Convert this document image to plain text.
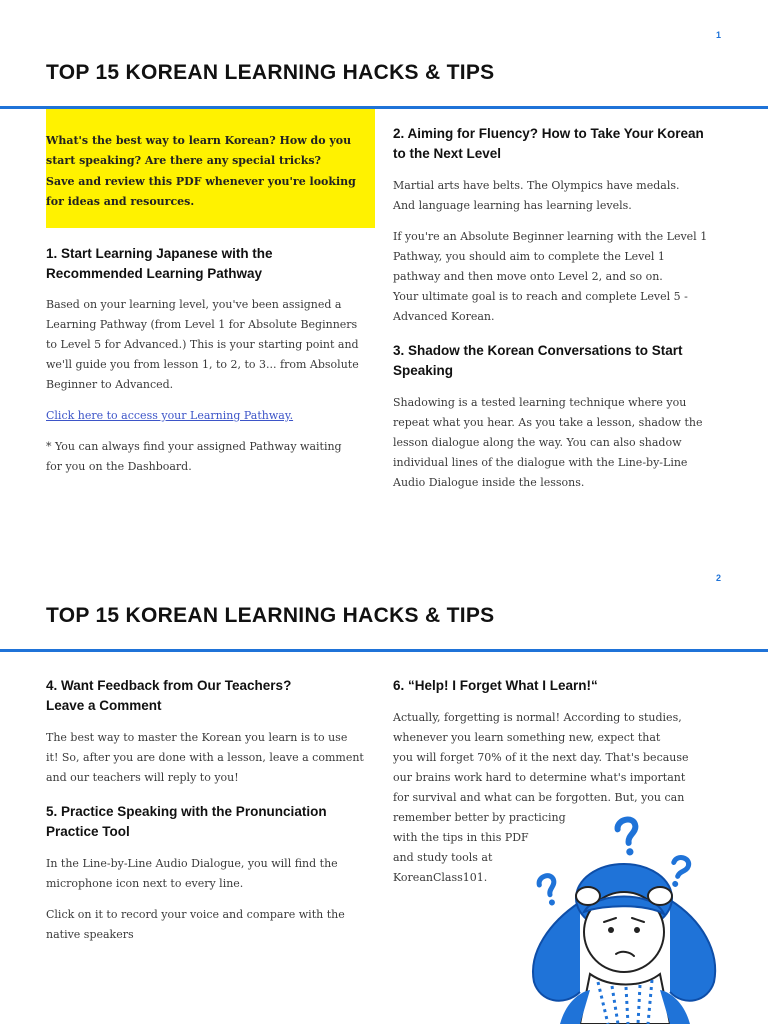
1
TOP 15 KOREAN LEARNING HACKS & TIPS
What's the best way to learn Korean? How do you
start speaking? Are there any special tricks?
Save and review this PDF whenever you're looking
for ideas and resources.
1. Start Learning Japanese with the
Recommended Learning Pathway

Based on your learning level, you've been assigned a
Learning Pathway (from Level 1 for Absolute Beginners
to Level 5 for Advanced.) This is your starting point and
we'll guide you from lesson 1, to 2, to 3... from Absolute
Beginner to Advanced.

Click here to access your Learning Pathway.

* You can always find your assigned Pathway waiting
for you on the Dashboard.

2. Aiming for Fluency? How to Take Your Korean
to the Next Level

Martial arts have belts. The Olympics have medals.
And language learning has learning levels.

If you're an Absolute Beginner learning with the Level 1
Pathway, you should aim to complete the Level 1
pathway and then move onto Level 2, and so on.
Your ultimate goal is to reach and complete Level 5 -
Advanced Korean.

3. Shadow the Korean Conversations to Start
Speaking

Shadowing is a tested learning technique where you
repeat what you hear. As you take a lesson, shadow the
lesson dialogue along the way. You can also shadow
individual lines of the dialogue with the Line-by-Line
Audio Dialogue inside the lessons.

2
TOP 15 KOREAN LEARNING HACKS & TIPS
4. Want Feedback from Our Teachers?
Leave a Comment

The best way to master the Korean you learn is to use
it! So, after you are done with a lesson, leave a comment
and our teachers will reply to you!

5. Practice Speaking with the Pronunciation
Practice Tool

In the Line-by-Line Audio Dialogue, you will find the
microphone icon next to every line.

Click on it to record your voice and compare with the
native speakers

6. “Help! I Forget What I Learn!“

Actually, forgetting is normal! According to studies,
whenever you learn something new, expect that
you will forget 70% of it the next day. That's because
our brains work hard to determine what's important
for survival and what can be forgotten. But, you can
remember better by practicing
with the tips in this PDF
and study tools at
KoreanClass101.
